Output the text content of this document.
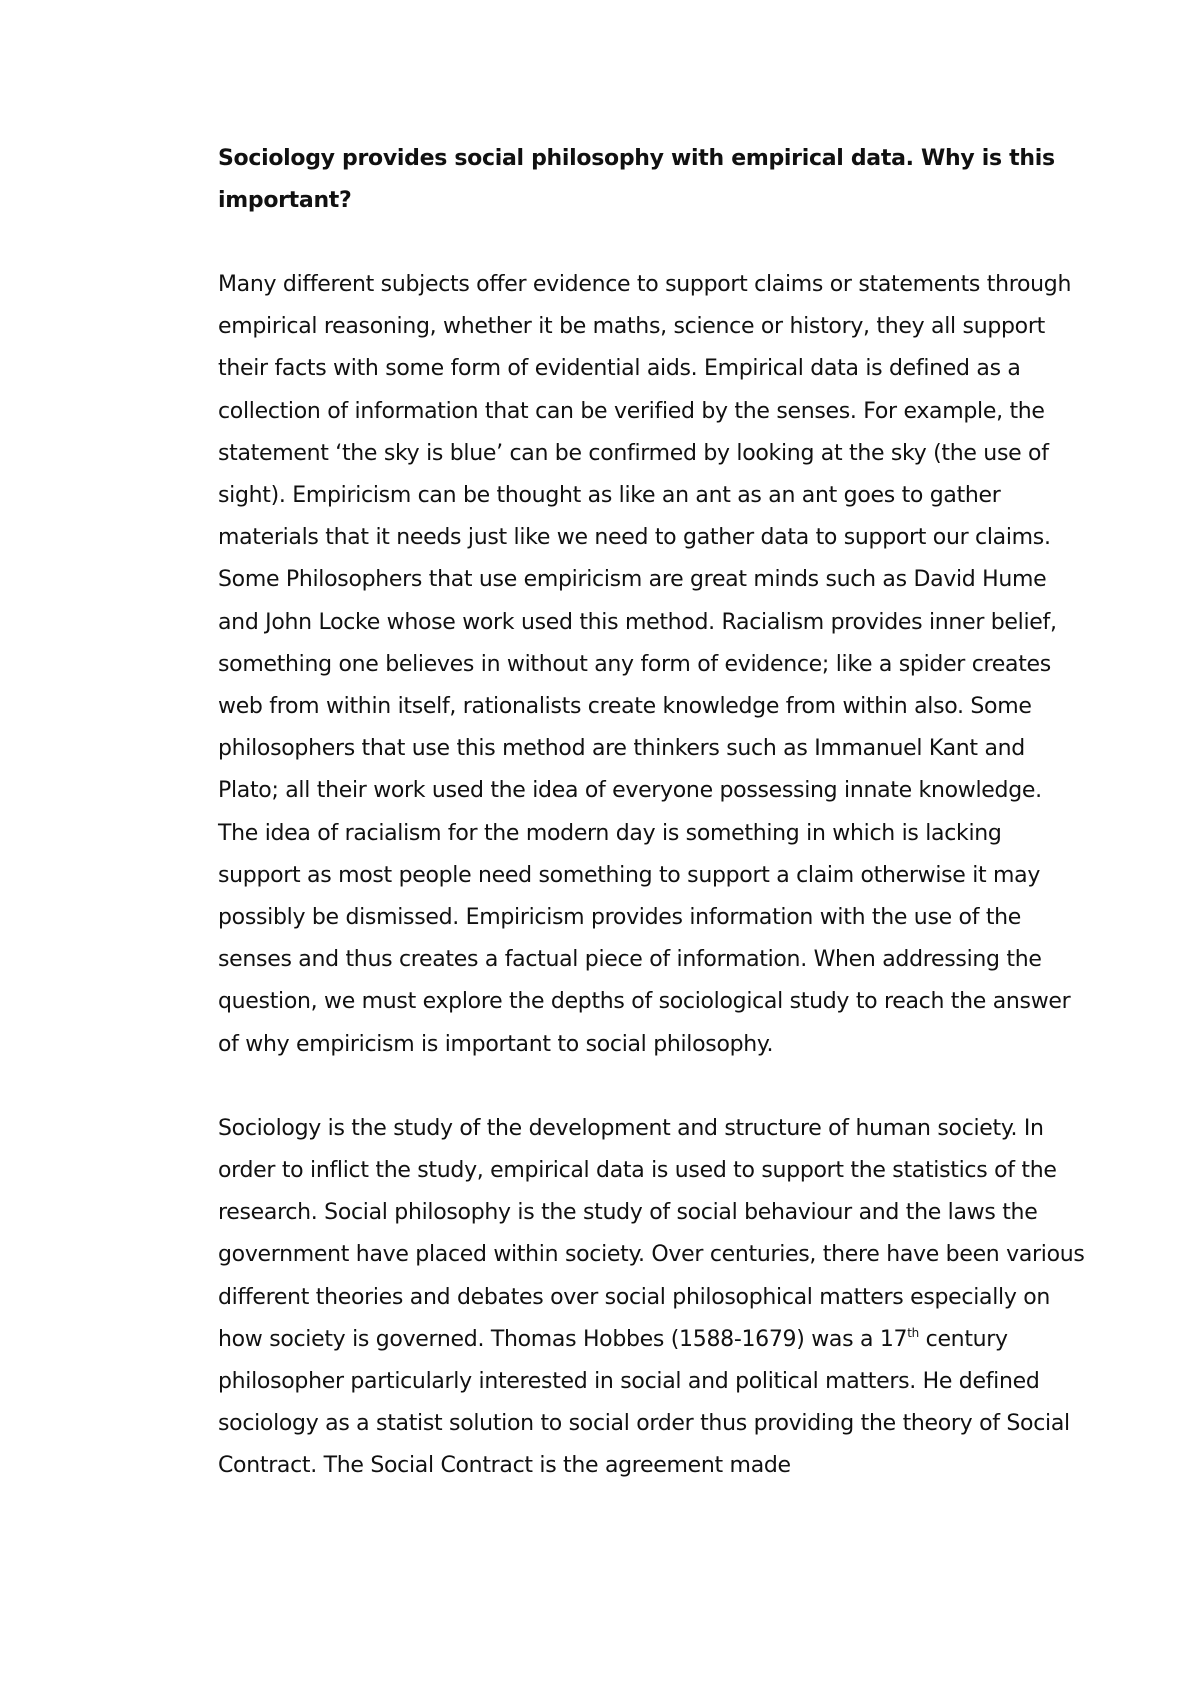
Sociology provides social philosophy with empirical data. Why is this important?

Many different subjects offer evidence to support claims or statements through empirical reasoning, whether it be maths, science or history, they all support their facts with some form of evidential aids. Empirical data is defined as a collection of information that can be verified by the senses. For example, the statement ‘the sky is blue’ can be confirmed by looking at the sky (the use of sight). Empiricism can be thought as like an ant as an ant goes to gather materials that it needs just like we need to gather data to support our claims. Some Philosophers that use empiricism are great minds such as David Hume and John Locke whose work used this method. Racialism provides inner belief, something one believes in without any form of evidence; like a spider creates web from within itself, rationalists create knowledge from within also. Some philosophers that use this method are thinkers such as Immanuel Kant and Plato; all their work used the idea of everyone possessing innate knowledge. The idea of racialism for the modern day is something in which is lacking support as most people need something to support a claim otherwise it may possibly be dismissed. Empiricism provides information with the use of the senses and thus creates a factual piece of information. When addressing the question, we must explore the depths of sociological study to reach the answer of why empiricism is important to social philosophy.

Sociology is the study of the development and structure of human society. In order to inflict the study, empirical data is used to support the statistics of the research. Social philosophy is the study of social behaviour and the laws the government have placed within society. Over centuries, there have been various different theories and debates over social philosophical matters especially on how society is governed. Thomas Hobbes (1588-1679) was a 17th century philosopher particularly interested in social and political matters. He defined sociology as a statist solution to social order thus providing the theory of Social Contract. The Social Contract is the agreement made
